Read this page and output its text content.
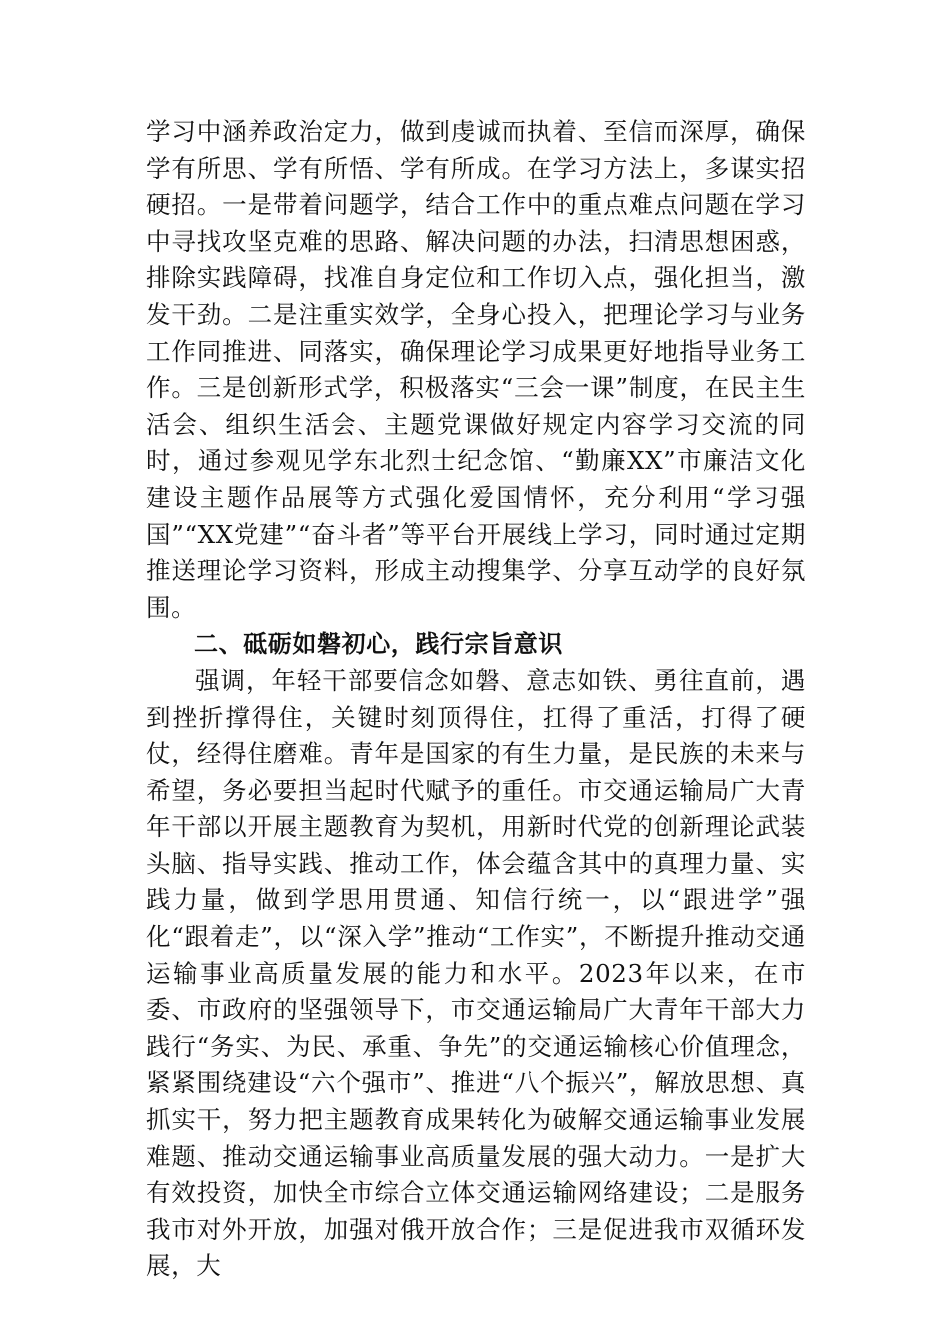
学习中涵养政治定力，做到虔诚而执着、至信而深厚，确保学有所思、学有所悟、学有所成。在学习方法上，多谋实招硬招。一是带着问题学，结合工作中的重点难点问题在学习中寻找攻坚克难的思路、解决问题的办法，扫清思想困惑，排除实践障碍，找准自身定位和工作切入点，强化担当，激发干劲。二是注重实效学，全身心投入，把理论学习与业务工作同推进、同落实，确保理论学习成果更好地指导业务工作。三是创新形式学，积极落实“三会一课”制度，在民主生活会、组织生活会、主题党课做好规定内容学习交流的同时，通过参观见学东北烈士纪念馆、“勤廉XX”市廉洁文化建设主题作品展等方式强化爱国情怀，充分利用“学习强国”“XX党建”“奋斗者”等平台开展线上学习，同时通过定期推送理论学习资料，形成主动搜集学、分享互动学的良好氛围。

二、砥砺如磐初心，践行宗旨意识

强调，年轻干部要信念如磐、意志如铁、勇往直前，遇到挫折撑得住，关键时刻顶得住，扛得了重活，打得了硬仗，经得住磨难。青年是国家的有生力量，是民族的未来与希望，务必要担当起时代赋予的重任。市交通运输局广大青年干部以开展主题教育为契机，用新时代党的创新理论武装头脑、指导实践、推动工作，体会蕴含其中的真理力量、实践力量，做到学思用贯通、知信行统一，以“跟进学”强化“跟着走”，以“深入学”推动“工作实”，不断提升推动交通运输事业高质量发展的能力和水平。2023年以来，在市委、市政府的坚强领导下，市交通运输局广大青年干部大力践行“务实、为民、承重、争先”的交通运输核心价值理念，紧紧围绕建设“六个强市”、推进“八个振兴”，解放思想、真抓实干，努力把主题教育成果转化为破解交通运输事业发展难题、推动交通运输事业高质量发展的强大动力。一是扩大有效投资，加快全市综合立体交通运输网络建设；二是服务我市对外开放，加强对俄开放合作；三是促进我市双循环发展，大
